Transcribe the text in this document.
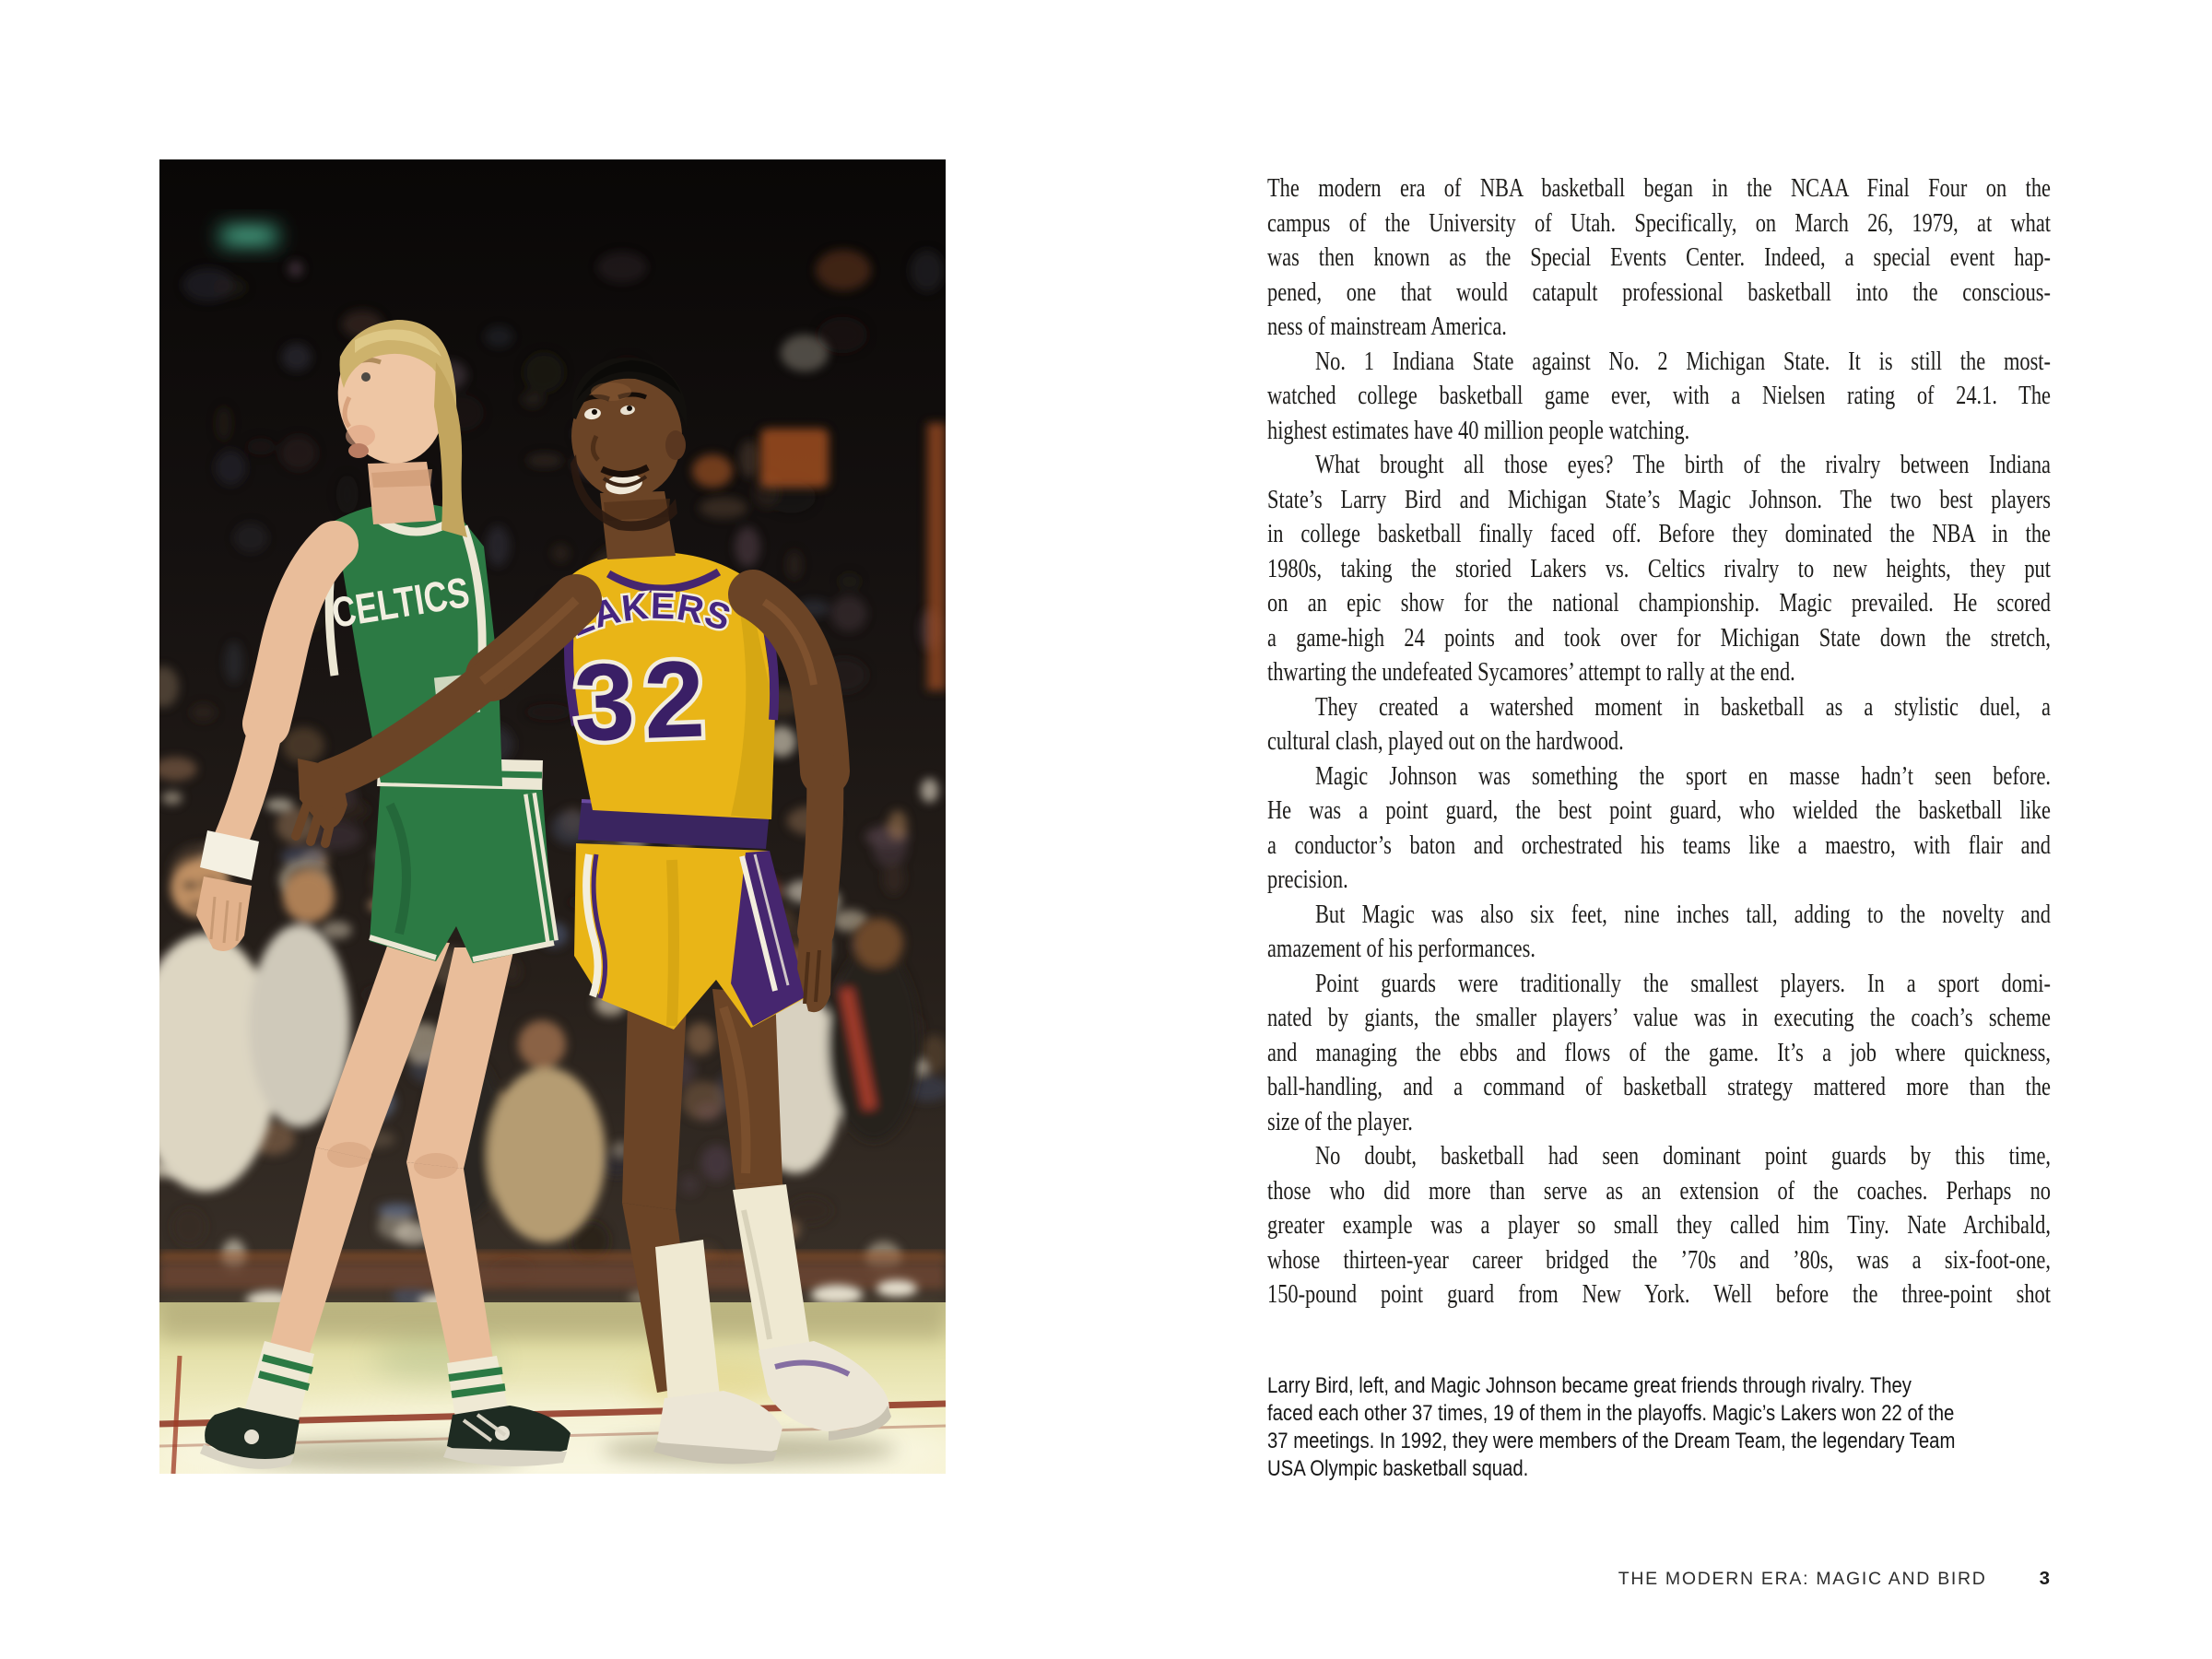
CELTICS LAKERS
32
The modern era of NBA basketball began in the NCAA Final Four on the
campus of the University of Utah. Specifically, on March 26, 1979, at what
was then known as the Special Events Center. Indeed, a special event hap-
pened, one that would catapult professional basketball into the conscious-
ness of mainstream America.
No. 1 Indiana State against No. 2 Michigan State. It is still the most-
watched college basketball game ever, with a Nielsen rating of 24.1. The
highest estimates have 40 million people watching.
What brought all those eyes? The birth of the rivalry between Indiana
State’s Larry Bird and Michigan State’s Magic Johnson. The two best players
in college basketball finally faced off. Before they dominated the NBA in the
1980s, taking the storied Lakers vs. Celtics rivalry to new heights, they put
on an epic show for the national championship. Magic prevailed. He scored
a game-high 24 points and took over for Michigan State down the stretch,
thwarting the undefeated Sycamores’ attempt to rally at the end.
They created a watershed moment in basketball as a stylistic duel, a
cultural clash, played out on the hardwood.
Magic Johnson was something the sport en masse hadn’t seen before.
He was a point guard, the best point guard, who wielded the basketball like
a conductor’s baton and orchestrated his teams like a maestro, with flair and
precision.
But Magic was also six feet, nine inches tall, adding to the novelty and
amazement of his performances.
Point guards were traditionally the smallest players. In a sport domi-
nated by giants, the smaller players’ value was in executing the coach’s scheme
and managing the ebbs and flows of the game. It’s a job where quickness,
ball-handling, and a command of basketball strategy mattered more than the
size of the player.
No doubt, basketball had seen dominant point guards by this time,
those who did more than serve as an extension of the coaches. Perhaps no
greater example was a player so small they called him Tiny. Nate Archibald,
whose thirteen-year career bridged the ’70s and ’80s, was a six-foot-one,
150-pound point guard from New York. Well before the three-point shot
Larry Bird, left, and Magic Johnson became great friends through rivalry. They
faced each other 37 times, 19 of them in the playoffs. Magic’s Lakers won 22 of the
37 meetings. In 1992, they were members of the Dream Team, the legendary Team
USA Olympic basketball squad.
THE MODERN ERA: MAGIC AND BIRD	3
